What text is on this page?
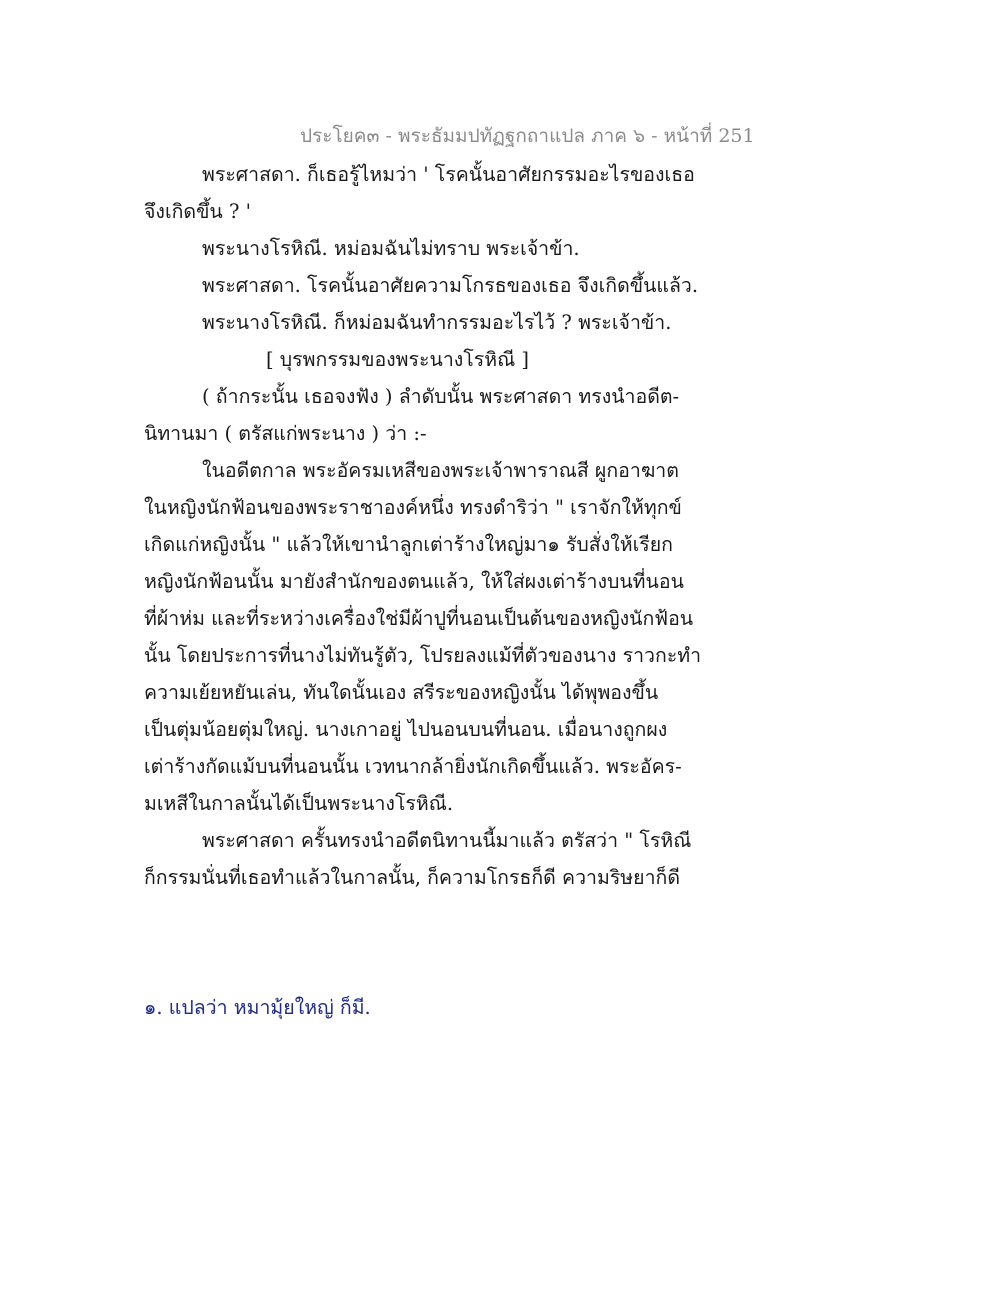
ประโยค๓ - พระธัมมปทัฏฐกถาแปล ภาค ๖ - หน้าที่ 251
พระศาสดา. ก็เธอรู้ไหมว่า ' โรคนั้นอาศัยกรรมอะไรของเธอ
จึงเกิดขึ้น ? '
พระนางโรหิณี. หม่อมฉันไม่ทราบ พระเจ้าข้า.
พระศาสดา. โรคนั้นอาศัยความโกรธของเธอ จึงเกิดขึ้นแล้ว.
พระนางโรหิณี. ก็หม่อมฉันทำกรรมอะไรไว้ ? พระเจ้าข้า.
[ บุรพกรรมของพระนางโรหิณี ]
( ถ้ากระนั้น เธอจงฟัง ) ลำดับนั้น พระศาสดา ทรงนำอดีต-
นิทานมา ( ตรัสแก่พระนาง ) ว่า :-
ในอดีตกาล พระอัครมเหสีของพระเจ้าพาราณสี ผูกอาฆาต
ในหญิงนักฟ้อนของพระราชาองค์หนึ่ง ทรงดำริว่า " เราจักให้ทุกข์
เกิดแก่หญิงนั้น " แล้วให้เขานำลูกเต่าร้างใหญ่มา๑ รับสั่งให้เรียก
หญิงนักฟ้อนนั้น มายังสำนักของตนแล้ว, ให้ใส่ผงเต่าร้างบนที่นอน
ที่ผ้าห่ม และที่ระหว่างเครื่องใช่มีผ้าปูที่นอนเป็นต้นของหญิงนักฟ้อน
นั้น โดยประการที่นางไม่ทันรู้ตัว, โปรยลงแม้ที่ตัวของนาง ราวกะทำ
ความเย้ยหยันเล่น, ทันใดนั้นเอง สรีระของหญิงนั้น ได้พุพองขึ้น
เป็นตุ่มน้อยตุ่มใหญ่. นางเกาอยู่ ไปนอนบนที่นอน. เมื่อนางถูกผง
เต่าร้างกัดแม้บนที่นอนนั้น เวทนากล้ายิ่งนักเกิดขึ้นแล้ว. พระอัคร-
มเหสีในกาลนั้นได้เป็นพระนางโรหิณี.
พระศาสดา ครั้นทรงนำอดีตนิทานนี้มาแล้ว ตรัสว่า " โรหิณี
ก็กรรมนั่นที่เธอทำแล้วในกาลนั้น, ก็ความโกรธก็ดี ความริษยาก็ดี
๑. แปลว่า หมามุ้ยใหญ่ ก็มี.
